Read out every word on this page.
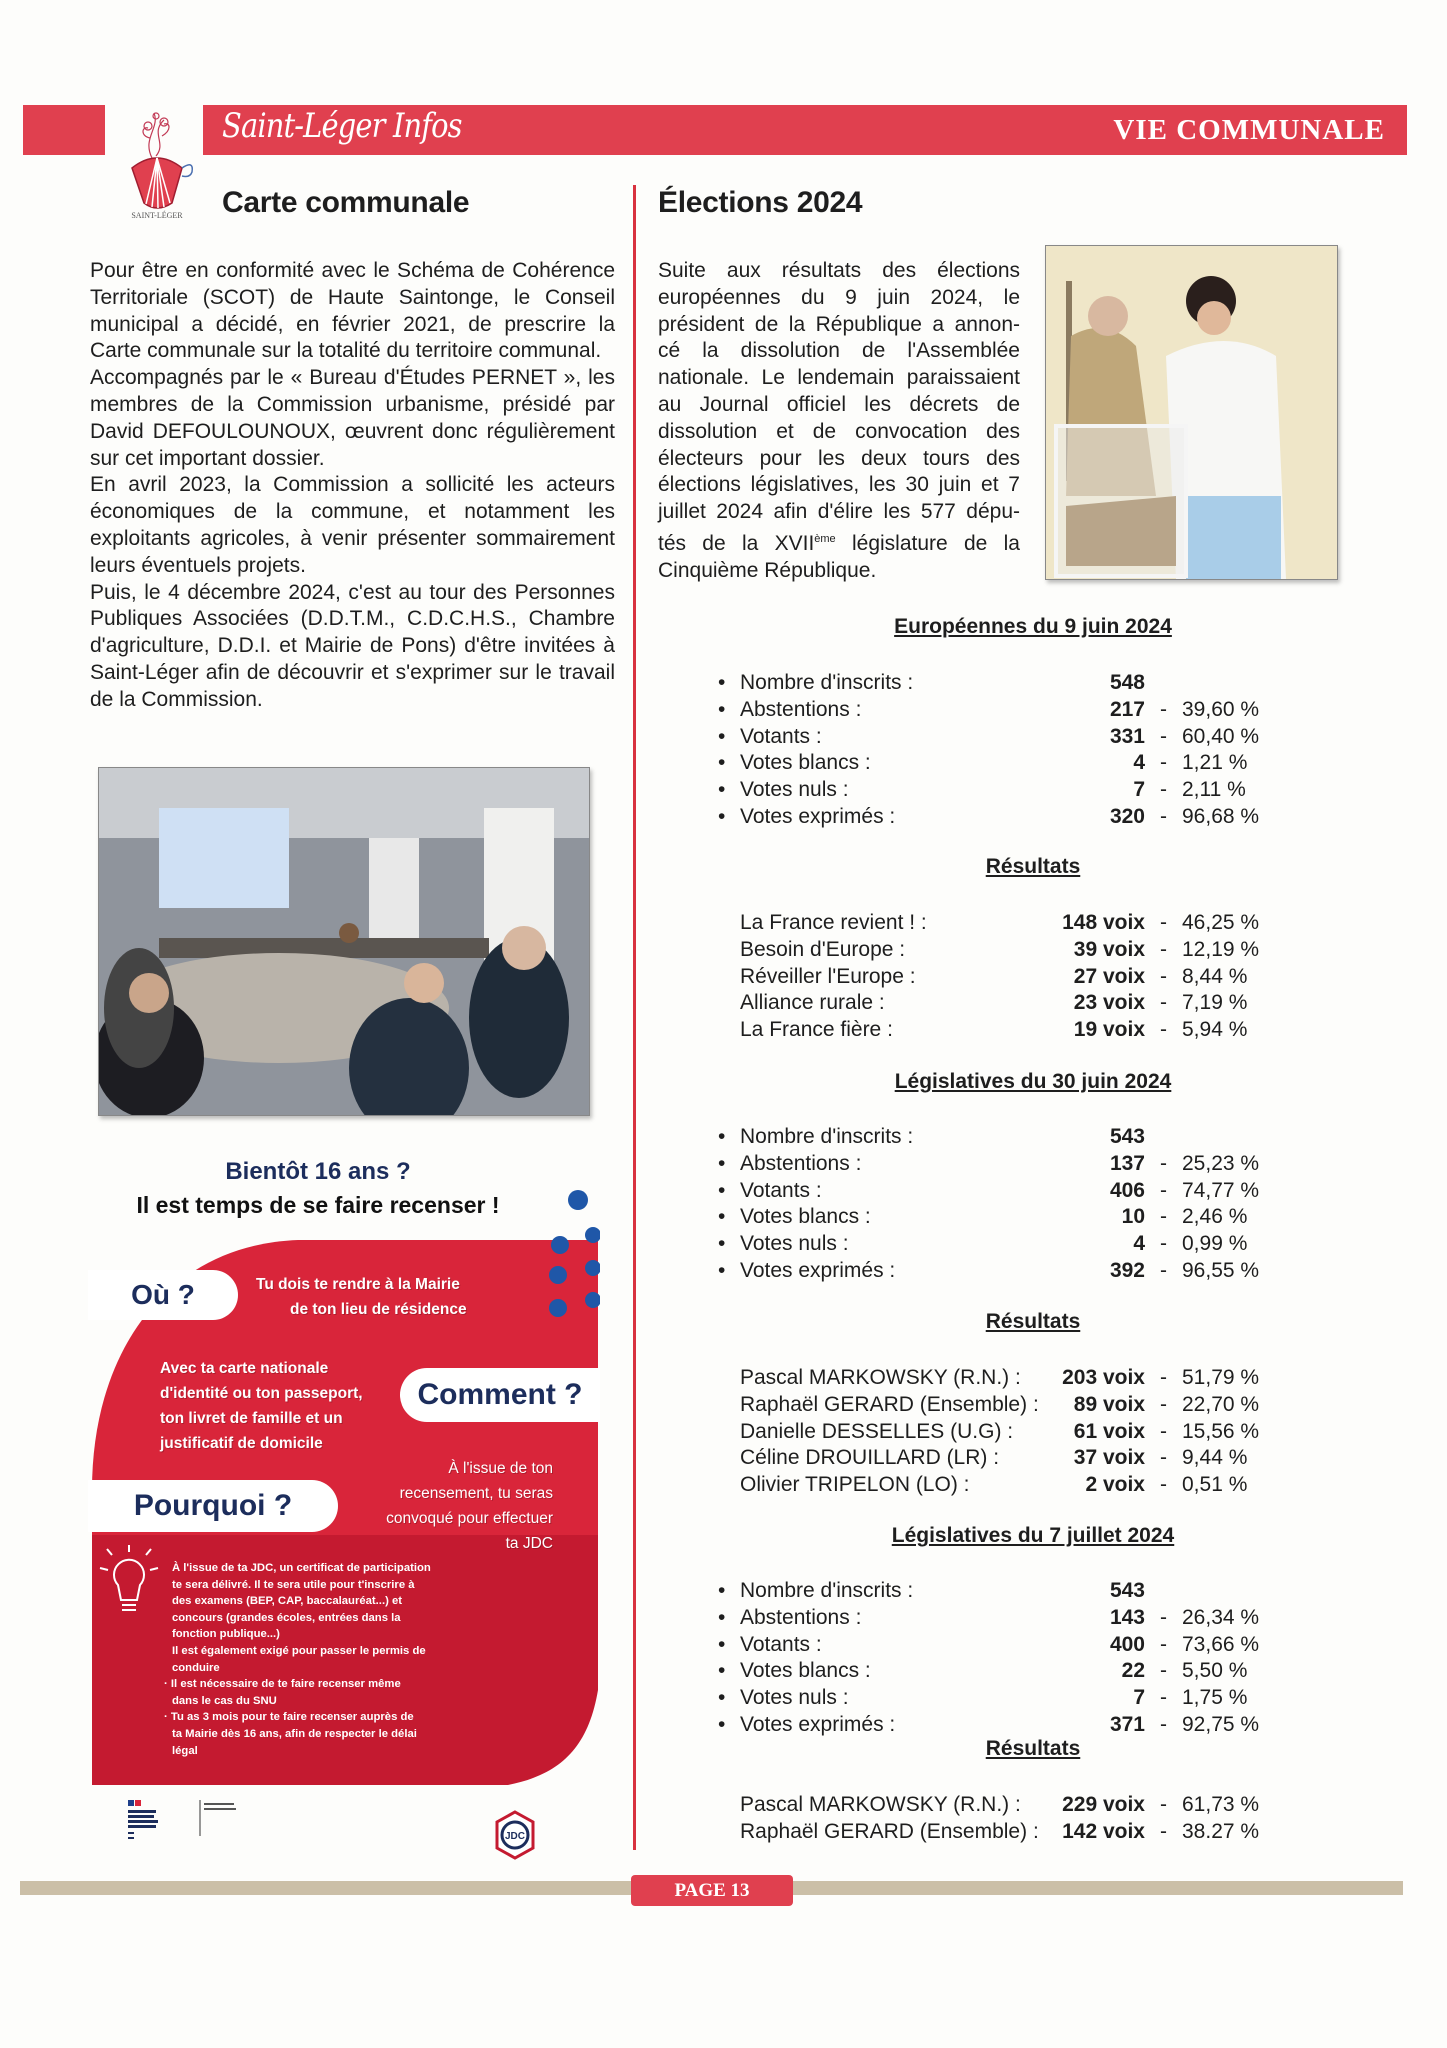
Saint-Léger Infos	VIE COMMUNALE
SAINT-LÉGER Carte communale

Pour être en conformité avec le Schéma de Cohérence Territoriale (SCOT) de Haute Saintonge, le Conseil municipal a décidé, en février 2021, de prescrire la Carte communale sur la totalité du territoire communal.

Accompagnés par le « Bureau d'Études PERNET », les membres de la Commission urbanisme, présidé par David DEFOULOUNOUX, œuvrent donc régulièrement sur cet important dossier.

En avril 2023, la Commission a sollicité les acteurs économiques de la commune, et notamment les exploitants agricoles, à venir présenter sommairement leurs éventuels projets.

Puis, le 4 décembre 2024, c'est au tour des Personnes Publiques Associées (D.D.T.M., C.D.C.H.S., Chambre d'agriculture, D.D.I. et Mairie de Pons) d'être invitées à Saint-Léger afin de découvrir et s'exprimer sur le travail de la Commission.

Bientôt 16 ans ?
Il est temps de se faire recenser !
Où ?	Tu dois te rendre à la Mairie
de ton lieu de résidence
Comment ?
Avec ta carte nationale
d'identité ou ton passeport,
ton livret de famille et un
justificatif de domicile
Pourquoi ?
À l'issue de ton
recensement, tu seras
convoqué pour effectuer
ta JDC
À l'issue de ta JDC, un certificat de participation
te sera délivré. Il te sera utile pour t'inscrire à
des examens (BEP, CAP, baccalauréat...) et
concours (grandes écoles, entrées dans la
fonction publique...)
Il est également exigé pour passer le permis de
conduire
· Il est nécessaire de te faire recenser même
dans le cas du SNU
· Tu as 3 mois pour te faire recenser auprès de
ta Mairie dès 16 ans, afin de respecter le délai
légal
JDC
Élections 2024
Suite aux résultats des élections
européennes du 9 juin 2024, le
président de la République a annon-
cé la dissolution de l'Assemblée
nationale. Le lendemain paraissaient
au Journal officiel les décrets de
dissolution et de convocation des
électeurs pour les deux tours des
élections législatives, les 30 juin et 7
juillet 2024 afin d'élire les 577 dépu-
tés de la XVIIème législature de la
Cinquième République.
Européennes du 9 juin 2024
• Nombre d'inscrits :	548
• Abstentions :	217 - 39,60 %
• Votants :	331 - 60,40 %
• Votes blancs :	4 - 1,21 %
• Votes nuls :	7 - 2,11 %
• Votes exprimés :	320 - 96,68 %
Résultats
La France revient ! :	148 voix - 46,25 %
Besoin d'Europe :	39 voix - 12,19 %
Réveiller l'Europe :	27 voix - 8,44 %
Alliance rurale :	23 voix - 7,19 %
La France fière :	19 voix - 5,94 %
Législatives du 30 juin 2024
• Nombre d'inscrits :	543
• Abstentions :	137 - 25,23 %
• Votants :	406 - 74,77 %
• Votes blancs :	10 - 2,46 %
• Votes nuls :	4 - 0,99 %
• Votes exprimés :	392 - 96,55 %
Résultats
Pascal MARKOWSKY (R.N.) :	203 voix - 51,79 %
Raphaël GERARD (Ensemble) :	89 voix - 22,70 %
Danielle DESSELLES (U.G) :	61 voix - 15,56 %
Céline DROUILLARD (LR) :	37 voix - 9,44 %
Olivier TRIPELON (LO) :	2 voix - 0,51 %
Législatives du 7 juillet 2024
• Nombre d'inscrits :	543
• Abstentions :	143 - 26,34 %
• Votants :	400 - 73,66 %
• Votes blancs :	22 - 5,50 %
• Votes nuls :	7 - 1,75 %
• Votes exprimés :	371 - 92,75 %
Résultats
Pascal MARKOWSKY (R.N.) :	229 voix - 61,73 %
Raphaël GERARD (Ensemble) :	142 voix - 38.27 %
PAGE 13
